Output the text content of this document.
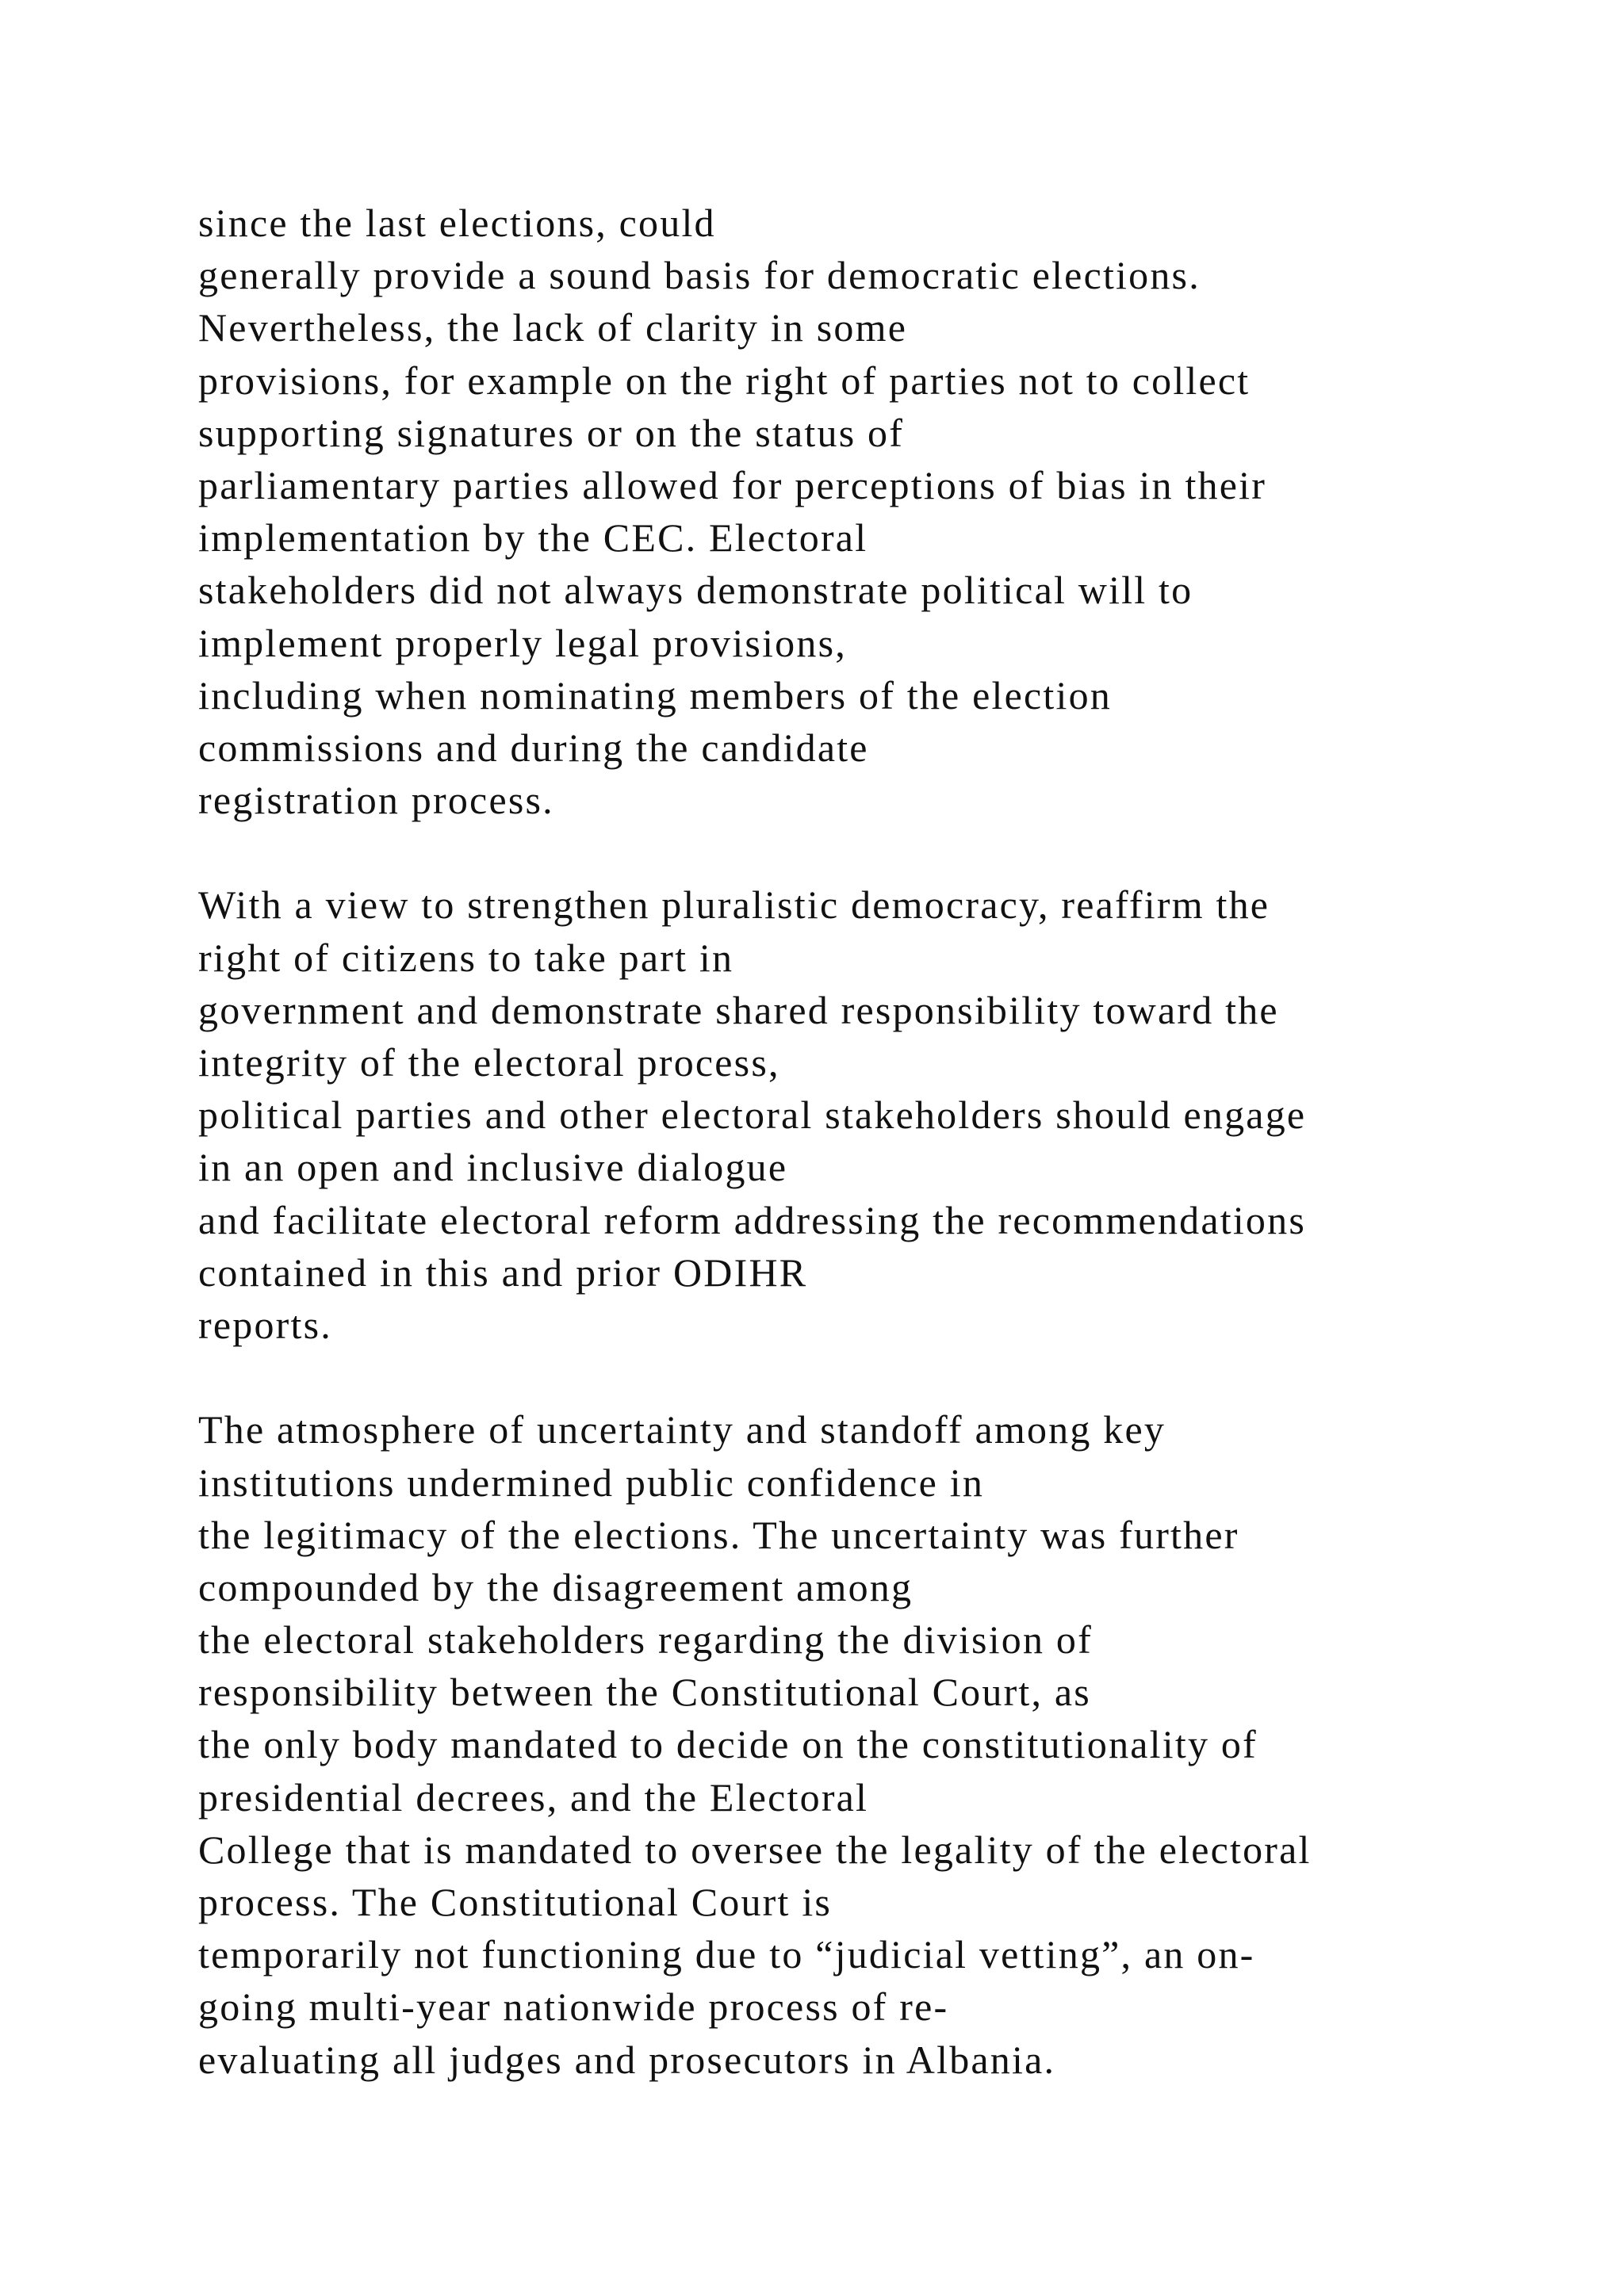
since the last elections, could
generally provide a sound basis for democratic elections.
Nevertheless, the lack of clarity in some
provisions, for example on the right of parties not to collect
supporting signatures or on the status of
parliamentary parties allowed for perceptions of bias in their
implementation by the CEC. Electoral
stakeholders did not always demonstrate political will to
implement properly legal provisions,
including when nominating members of the election
commissions and during the candidate
registration process.
With a view to strengthen pluralistic democracy, reaffirm the
right of citizens to take part in
government and demonstrate shared responsibility toward the
integrity of the electoral process,
political parties and other electoral stakeholders should engage
in an open and inclusive dialogue
and facilitate electoral reform addressing the recommendations
contained in this and prior ODIHR
reports.
The atmosphere of uncertainty and standoff among key
institutions undermined public confidence in
the legitimacy of the elections. The uncertainty was further
compounded by the disagreement among
the electoral stakeholders regarding the division of
responsibility between the Constitutional Court, as
the only body mandated to decide on the constitutionality of
presidential decrees, and the Electoral
College that is mandated to oversee the legality of the electoral
process. The Constitutional Court is
temporarily not functioning due to “judicial vetting”, an on-
going multi-year nationwide process of re-
evaluating all judges and prosecutors in Albania.
